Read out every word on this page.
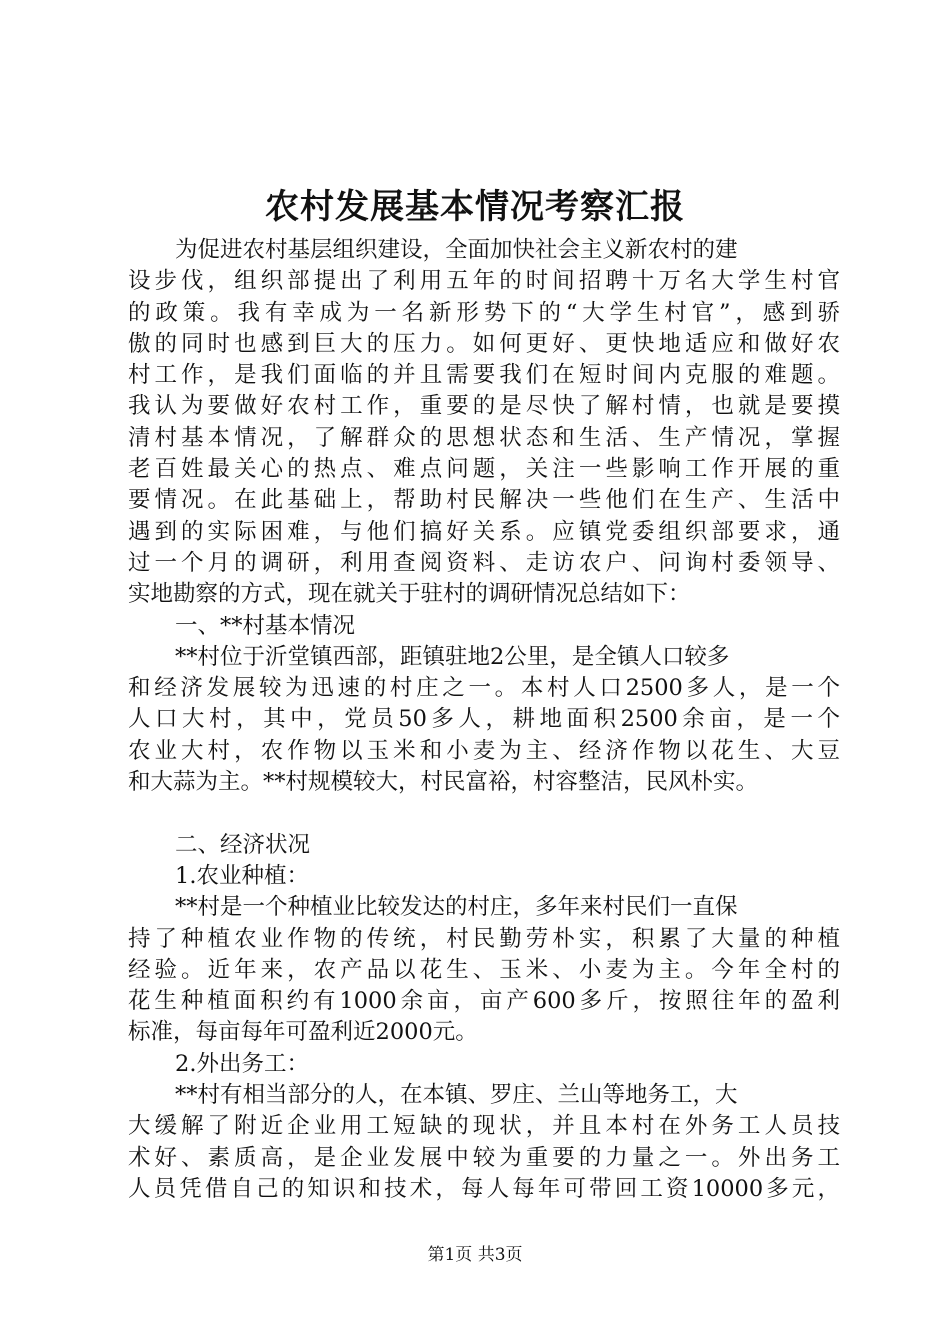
农村发展基本情况考察汇报
为促进农村基层组织建设，全面加快社会主义新农村的建
设步伐，组织部提出了利用五年的时间招聘十万名大学生村官
的政策。我有幸成为一名新形势下的“大学生村官”，感到骄
傲的同时也感到巨大的压力。如何更好、更快地适应和做好农
村工作，是我们面临的并且需要我们在短时间内克服的难题。
我认为要做好农村工作，重要的是尽快了解村情，也就是要摸
清村基本情况，了解群众的思想状态和生活、生产情况，掌握
老百姓最关心的热点、难点问题，关注一些影响工作开展的重
要情况。在此基础上，帮助村民解决一些他们在生产、生活中
遇到的实际困难，与他们搞好关系。应镇党委组织部要求，通
过一个月的调研，利用查阅资料、走访农户、问询村委领导、
实地勘察的方式，现在就关于驻村的调研情况总结如下：
一、**村基本情况
**村位于沂堂镇西部，距镇驻地2公里，是全镇人口较多
和经济发展较为迅速的村庄之一。本村人口2500多人，是一个
人口大村，其中，党员50多人，耕地面积2500余亩，是一个
农业大村，农作物以玉米和小麦为主、经济作物以花生、大豆
和大蒜为主。**村规模较大，村民富裕，村容整洁，民风朴实。
二、经济状况
1.农业种植：
**村是一个种植业比较发达的村庄，多年来村民们一直保
持了种植农业作物的传统，村民勤劳朴实，积累了大量的种植
经验。近年来，农产品以花生、玉米、小麦为主。今年全村的
花生种植面积约有1000余亩，亩产600多斤，按照往年的盈利
标准，每亩每年可盈利近2000元。
2.外出务工：
**村有相当部分的人，在本镇、罗庄、兰山等地务工，大
大缓解了附近企业用工短缺的现状，并且本村在外务工人员技
术好、素质高，是企业发展中较为重要的力量之一。外出务工
人员凭借自己的知识和技术，每人每年可带回工资10000多元，
第1页 共3页
